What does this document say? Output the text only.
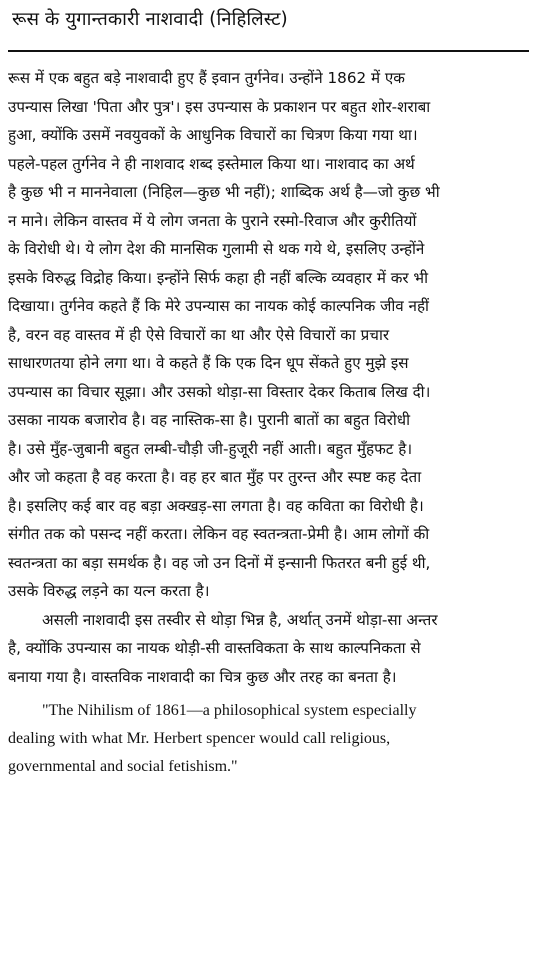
रूस के युगान्तकारी नाशवादी (निहिलिस्ट)
रूस में एक बहुत बड़े नाशवादी हुए हैं इवान तुर्गनेव। उन्होंने 1862 में एक
उपन्यास लिखा 'पिता और पुत्र'। इस उपन्यास के प्रकाशन पर बहुत शोर-शराबा
हुआ, क्योंकि उसमें नवयुवकों के आधुनिक विचारों का चित्रण किया गया था।
पहले-पहल तुर्गनेव ने ही नाशवाद शब्द इस्तेमाल किया था। नाशवाद का अर्थ
है कुछ भी न माननेवाला (निहिल—कुछ भी नहीं); शाब्दिक अर्थ है—जो कुछ भी
न माने। लेकिन वास्तव में ये लोग जनता के पुराने रस्मो-रिवाज और कुरीतियों
के विरोधी थे। ये लोग देश की मानसिक गुलामी से थक गये थे, इसलिए उन्होंने
इसके विरुद्ध विद्रोह किया। इन्होंने सिर्फ कहा ही नहीं बल्कि व्यवहार में कर भी
दिखाया। तुर्गनेव कहते हैं कि मेरे उपन्यास का नायक कोई काल्पनिक जीव नहीं
है, वरन वह वास्तव में ही ऐसे विचारों का था और ऐसे विचारों का प्रचार
साधारणतया होने लगा था। वे कहते हैं कि एक दिन धूप सेंकते हुए मुझे इस
उपन्यास का विचार सूझा। और उसको थोड़ा-सा विस्तार देकर किताब लिख दी।
उसका नायक बजारोव है। वह नास्तिक-सा है। पुरानी बातों का बहुत विरोधी
है। उसे मुँह-जुबानी बहुत लम्बी-चौड़ी जी-हुजूरी नहीं आती। बहुत मुँहफट है।
और जो कहता है वह करता है। वह हर बात मुँह पर तुरन्त और स्पष्ट कह देता
है। इसलिए कई बार वह बड़ा अक्खड़-सा लगता है। वह कविता का विरोधी है।
संगीत तक को पसन्द नहीं करता। लेकिन वह स्वतन्त्रता-प्रेमी है। आम लोगों की
स्वतन्त्रता का बड़ा समर्थक है। वह जो उन दिनों में इन्सानी फितरत बनी हुई थी,
उसके विरुद्ध लड़ने का यत्न करता है।
असली नाशवादी इस तस्वीर से थोड़ा भिन्न है, अर्थात् उनमें थोड़ा-सा अन्तर
है, क्योंकि उपन्यास का नायक थोड़ी-सी वास्तविकता के साथ काल्पनिकता से
बनाया गया है। वास्तविक नाशवादी का चित्र कुछ और तरह का बनता है।
"The Nihilism of 1861—a philosophical system especially
dealing with what Mr. Herbert spencer would call religious,
governmental and social fetishism."
